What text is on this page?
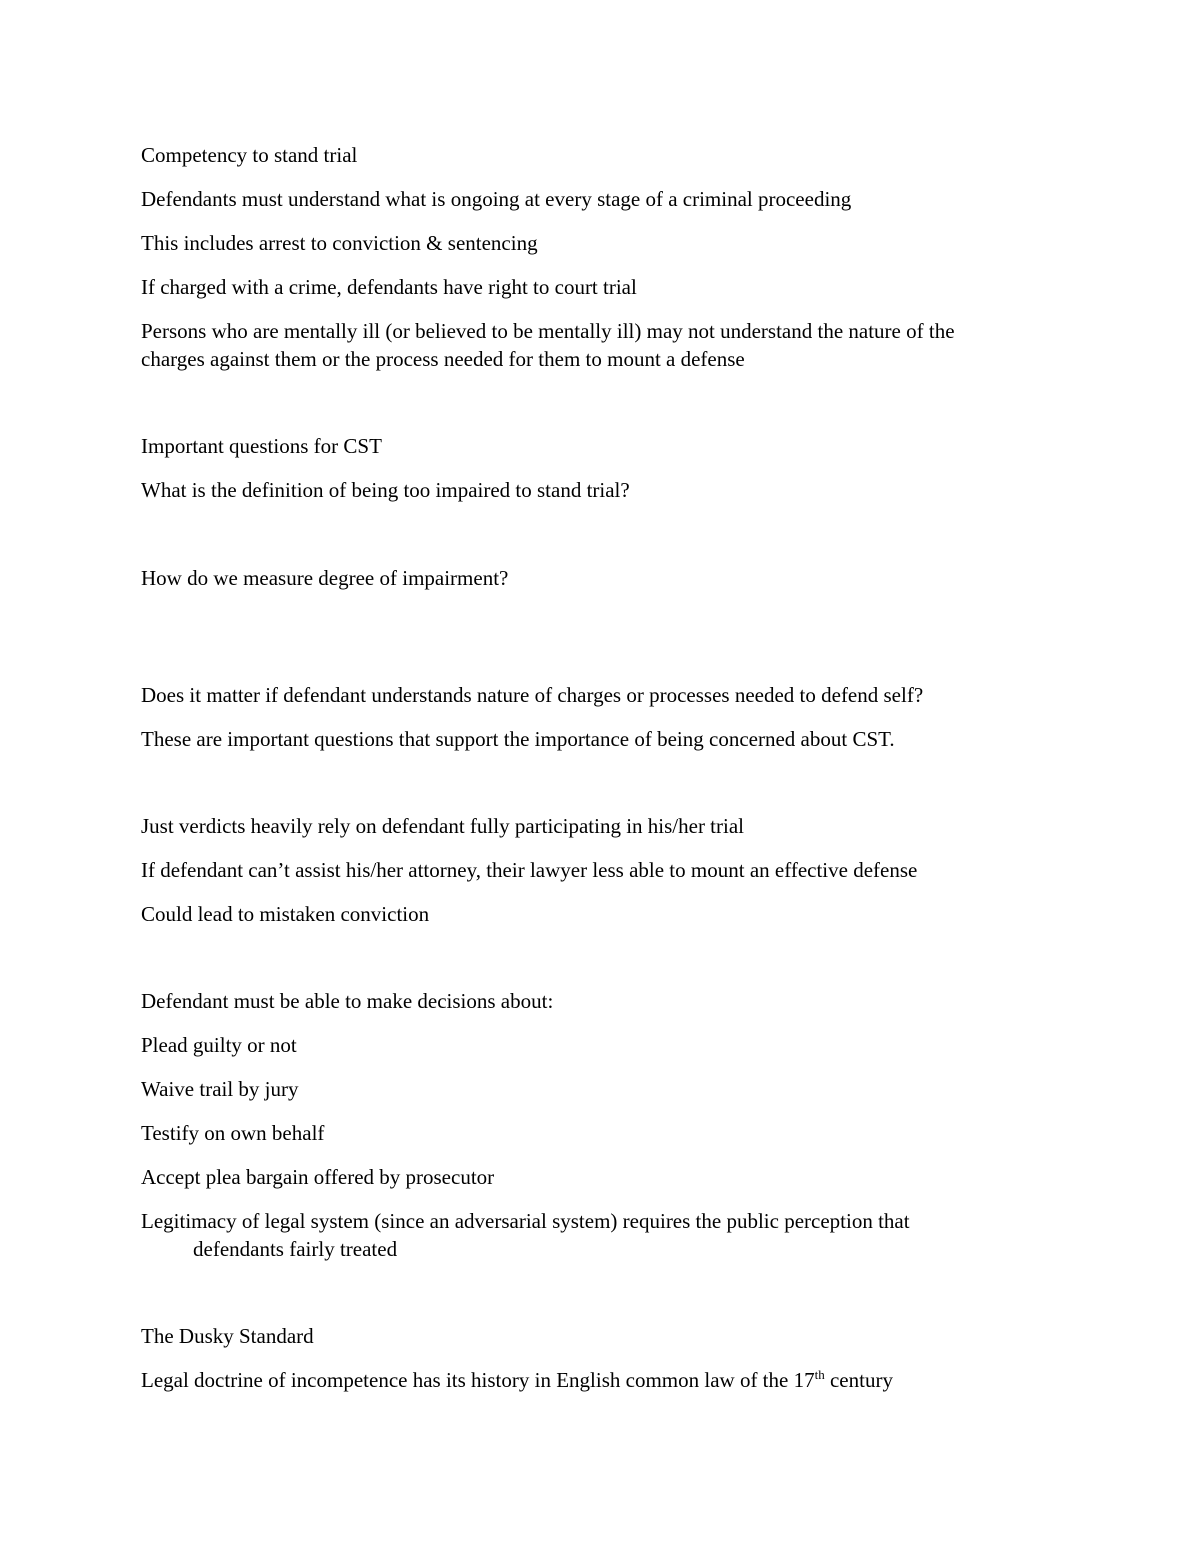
Competency to stand trial

Defendants must understand what is ongoing at every stage of a criminal proceeding

This includes arrest to conviction & sentencing

If charged with a crime, defendants have right to court trial

Persons who are mentally ill (or believed to be mentally ill) may not understand the nature of the

charges against them or the process needed for them to mount a defense

Important questions for CST

What is the definition of being too impaired to stand trial?

How do we measure degree of impairment?

Does it matter if defendant understands nature of charges or processes needed to defend self?

These are important questions that support the importance of being concerned about CST.

Just verdicts heavily rely on defendant fully participating in his/her trial

If defendant can’t assist his/her attorney, their lawyer less able to mount an effective defense

Could lead to mistaken conviction

Defendant must be able to make decisions about:

Plead guilty or not

Waive trail by jury

Testify on own behalf

Accept plea bargain offered by prosecutor

Legitimacy of legal system (since an adversarial system) requires the public perception that

defendants fairly treated

The Dusky Standard

Legal doctrine of incompetence has its history in English common law of the 17th century
